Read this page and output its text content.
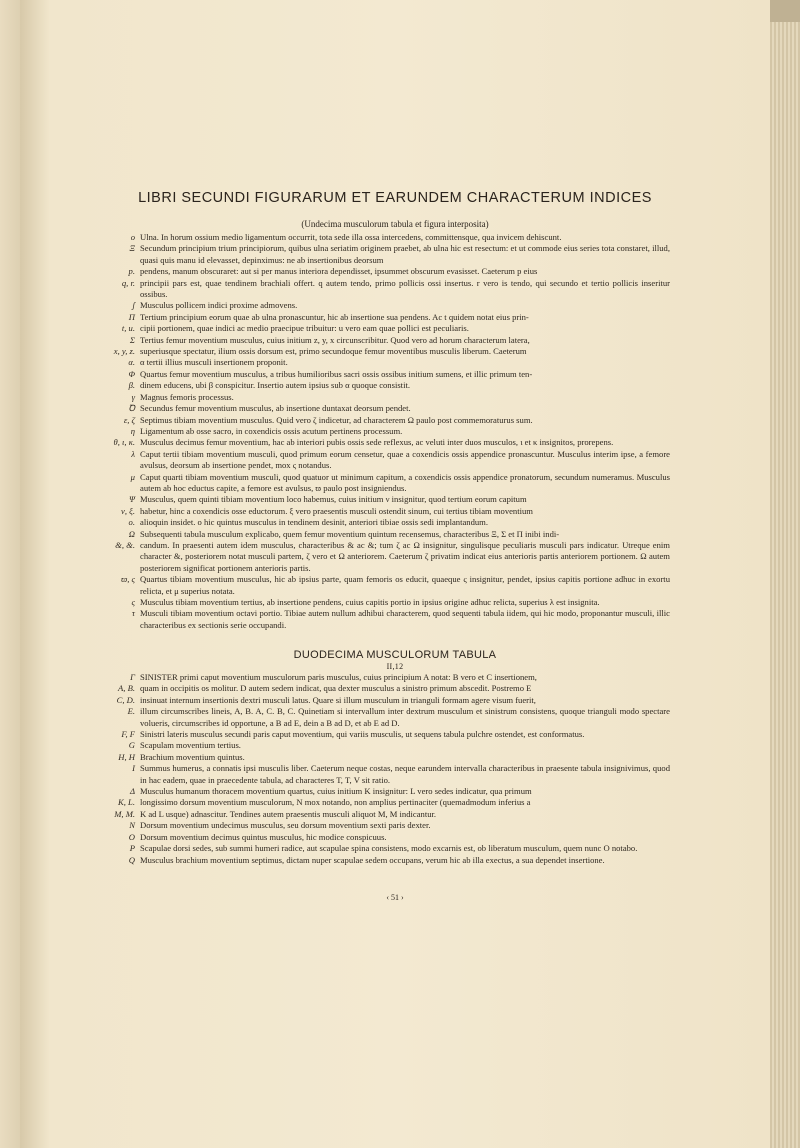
LIBRI SECUNDI FIGURARUM ET EARUNDEM CHARACTERUM INDICES
(Undecima musculorum tabula et figura interposita)

o Ulna. In horum ossium medio ligamentum occurrit, tota sede illa ossa intercedens, committensque, qua invicem dehiscunt.

Ξ Secundum principium trium principiorum, quibus ulna seriatim originem praebet, ab ulna hic est resectum: et ut commode eius series tota constaret, illud, quasi quis manu id elevasset, depinximus: ne ab insertionibus deorsum

p. pendens, manum obscuraret: aut si per manus interiora dependisset, ipsummet obscurum evasisset. Caeterum p eius

q, r. principii pars est, quae tendinem brachiali offert. q autem tendo, primo pollicis ossi insertus. r vero is tendo, qui secundo et tertio pollicis inseritur ossibus.

ʃ Musculus pollicem indici proxime admovens.

Π Tertium principium eorum quae ab ulna pronascuntur, hic ab insertione sua pendens. Ac t quidem notat eius prin-

t, u. cipii portionem, quae indici ac medio praecipue tribuitur: u vero eam quae pollici est peculiaris.

Σ Tertius femur moventium musculus, cuius initium z, y, x circunscribitur. Quod vero ad horum characterum latera,

x, y, z. superiusque spectatur, ilium ossis dorsum est, primo secundoque femur moventibus musculis liberum. Caeterum

α. α tertii illius musculi insertionem proponit.

Φ Quartus femur moventium musculus, a tribus humilioribus sacri ossis ossibus initium sumens, et illic primum ten-

β. dinem educens, ubi β conspicitur. Insertio autem ipsius sub α quoque consistit.

γ Magnus femoris processus.

Ꝺ Secundus femur moventium musculus, ab insertione duntaxat deorsum pendet.

ε, ζ Septimus tibiam moventium musculus. Quid vero ζ indicetur, ad characterem Ω paulo post commemoraturus sum.

η Ligamentum ab osse sacro, in coxendicis ossis acutum pertinens processum.

θ, ι, κ. Musculus decimus femur moventium, hac ab interiori pubis ossis sede reflexus, ac veluti inter duos musculos, ι et κ insignitos, prorepens.

λ Caput tertii tibiam moventium musculi, quod primum eorum censetur, quae a coxendicis ossis appendice pronascuntur. Musculus interim ipse, a femore avulsus, deorsum ab insertione pendet, mox ς notandus.

μ Caput quarti tibiam moventium musculi, quod quatuor ut minimum capitum, a coxendicis ossis appendice pronatorum, secundum numeramus. Musculus autem ab hoc eductus capite, a femore est avulsus, ϖ paulo post insigniendus.

Ψ Musculus, quem quinti tibiam moventium loco habemus, cuius initium ν insignitur, quod tertium eorum capitum

ν, ξ. habetur, hinc a coxendicis osse eductorum. ξ vero praesentis musculi ostendit sinum, cui tertius tibiam moventium

o. alioquin insidet. o hic quintus musculus in tendinem desinit, anteriori tibiae ossis sedi implantandum.

Ω Subsequenti tabula musculum explicabo, quem femur moventium quintum recensemus, characteribus Ξ, Σ et Π inibi indi-

&, &. candum. In praesenti autem idem musculus, characteribus & ac &; tum ζ ac Ω insignitur, singulisque peculiaris musculi pars indicatur. Utreque enim character &, posteriorem notat musculi partem, ζ vero et Ω anteriorem. Caeterum ζ privatim indicat eius anterioris partis anteriorem portionem. Ω autem posteriorem significat portionem anterioris partis.

ϖ, ς Quartus tibiam moventium musculus, hic ab ipsius parte, quam femoris os educit, quaeque ς insignitur, pendet, ipsius capitis portione adhuc in exortu relicta, et μ superius notata.

ς Musculus tibiam moventium tertius, ab insertione pendens, cuius capitis portio in ipsius origine adhuc relicta, superius λ est insignita.

τ Musculi tibiam moventium octavi portio. Tibiae autem nullum adhibui characterem, quod sequenti tabula iidem, qui hic modo, proponantur musculi, illic characteribus ex sectionis serie occupandi.

DUODECIMA MUSCULORUM TABULA
II,12

Γ SINISTER primi caput moventium musculorum paris musculus, cuius principium A notat: B vero et C insertionem,

A, B. quam in occipitis os molitur. D autem sedem indicat, qua dexter musculus a sinistro primum abscedit. Postremo E

C, D. insinuat internum insertionis dextri musculi latus. Quare si illum musculum in trianguli formam agere visum fuerit,

E. illum circumscribes lineis, A, B. A, C. B, C. Quinetiam si intervallum inter dextrum musculum et sinistrum consistens, quoque trianguli modo spectare volueris, circumscribes id opportune, a B ad E, dein a B ad D, et ab E ad D.

F, F Sinistri lateris musculus secundi paris caput moventium, qui variis musculis, ut sequens tabula pulchre ostendet, est conformatus.

G Scapulam moventium tertius.

H, H Brachium moventium quintus.

I Summus humerus, a connatis ipsi musculis liber. Caeterum neque costas, neque earundem intervalla characteribus in praesente tabula insignivimus, quod in hac eadem, quae in praecedente tabula, ad characteres T, T, V sit ratio.

Δ Musculus humanum thoracem moventium quartus, cuius initium K insignitur: L vero sedes indicatur, qua primum

K, L. longissimo dorsum moventium musculorum, N mox notando, non amplius pertinaciter (quemadmodum inferius a

M, M. K ad L usque) adnascitur. Tendines autem praesentis musculi aliquot M, M indicantur.

N Dorsum moventium undecimus musculus, seu dorsum moventium sexti paris dexter.

O Dorsum moventium decimus quintus musculus, hic modice conspicuus.

P Scapulae dorsi sedes, sub summi humeri radice, aut scapulae spina consistens, modo excarnis est, ob liberatum musculum, quem nunc O notabo.

Q Musculus brachium moventium septimus, dictam nuper scapulae sedem occupans, verum hic ab illa exectus, a sua dependet insertione.

‹ 51 ›
